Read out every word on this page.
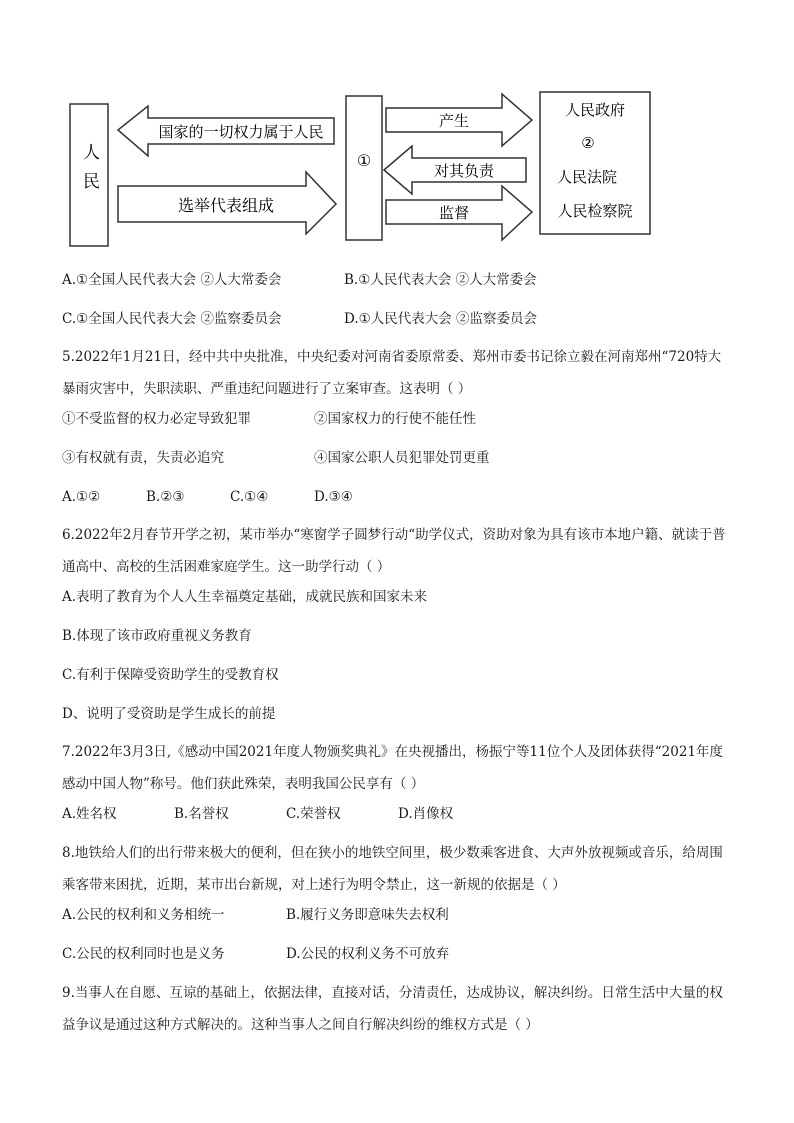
人民
国家的一切权力属于人民
选举代表组成
①
产生
对其负责
监督
人民政府
②
人民法院
人民检察院
A.①全国人民代表大会 ②人大常委会	B.①人民代表大会 ②人大常委会
C.①全国人民代表大会 ②监察委员会	D.①人民代表大会 ②监察委员会
5.2022年1月21日，经中共中央批准，中央纪委对河南省委原常委、郑州市委书记徐立毅在河南郑州“720特大暴雨灾害中，失职渎职、严重违纪问题进行了立案审查。这表明（ ）
①不受监督的权力必定导致犯罪	②国家权力的行使不能任性
③有权就有责，失责必追究	④国家公职人员犯罪处罚更重
A.①②	B.②③	C.①④	D.③④
6.2022年2月春节开学之初，某市举办“寒窗学子圆梦行动“助学仪式，资助对象为具有该市本地户籍、就读于普通高中、高校的生活困难家庭学生。这一助学行动（ ）
A.表明了教育为个人人生幸福奠定基础，成就民族和国家未来
B.体现了该市政府重视义务教育
C.有利于保障受资助学生的受教育权
D、说明了受资助是学生成长的前提
7.2022年3月3日,《感动中国2021年度人物颁奖典礼》在央视播出，杨振宁等11位个人及团体获得“2021年度感动中国人物”称号。他们获此殊荣，表明我国公民享有（ ）
A.姓名权	B.名誉权	C.荣誉权	D.肖像权
8.地铁给人们的出行带来极大的便利，但在狭小的地铁空间里，极少数乘客进食、大声外放视频或音乐，给周围乘客带来困扰，近期，某市出台新规，对上述行为明令禁止，这一新规的依据是（ ）
A.公民的权利和义务相统一	B.履行义务即意味失去权利
C.公民的权利同时也是义务	D.公民的权利义务不可放弃
9.当事人在自愿、互谅的基础上，依据法律，直接对话，分清责任，达成协议，解决纠纷。日常生活中大量的权益争议是通过这种方式解决的。这种当事人之间自行解决纠纷的维权方式是（ ）
